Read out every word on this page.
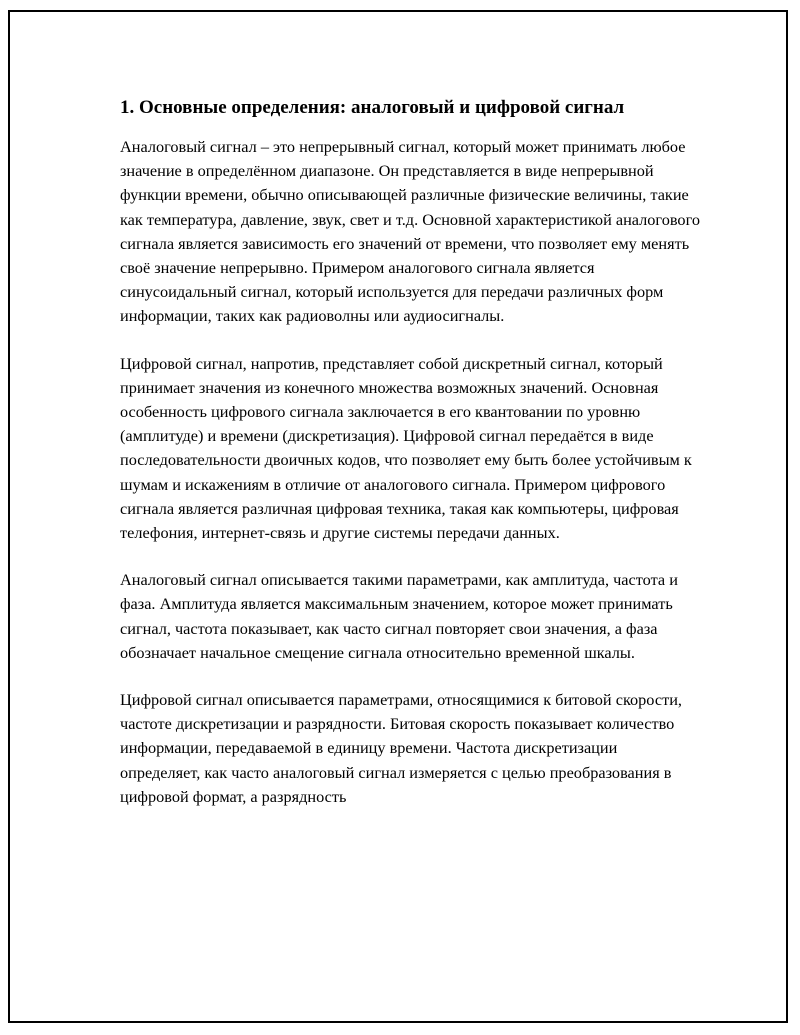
1. Основные определения: аналоговый и цифровой сигнал

Аналоговый сигнал – это непрерывный сигнал, который может принимать любое значение в определённом диапазоне. Он представляется в виде непрерывной функции времени, обычно описывающей различные физические величины, такие как температура, давление, звук, свет и т.д. Основной характеристикой аналогового сигнала является зависимость его значений от времени, что позволяет ему менять своё значение непрерывно. Примером аналогового сигнала является синусоидальный сигнал, который используется для передачи различных форм информации, таких как радиоволны или аудиосигналы.

Цифровой сигнал, напротив, представляет собой дискретный сигнал, который принимает значения из конечного множества возможных значений. Основная особенность цифрового сигнала заключается в его квантовании по уровню (амплитуде) и времени (дискретизация). Цифровой сигнал передаётся в виде последовательности двоичных кодов, что позволяет ему быть более устойчивым к шумам и искажениям в отличие от аналогового сигнала. Примером цифрового сигнала является различная цифровая техника, такая как компьютеры, цифровая телефония, интернет-связь и другие системы передачи данных.

Аналоговый сигнал описывается такими параметрами, как амплитуда, частота и фаза. Амплитуда является максимальным значением, которое может принимать сигнал, частота показывает, как часто сигнал повторяет свои значения, а фаза обозначает начальное смещение сигнала относительно временной шкалы.

Цифровой сигнал описывается параметрами, относящимися к битовой скорости, частоте дискретизации и разрядности. Битовая скорость показывает количество информации, передаваемой в единицу времени. Частота дискретизации определяет, как часто аналоговый сигнал измеряется с целью преобразования в цифровой формат, а разрядность
